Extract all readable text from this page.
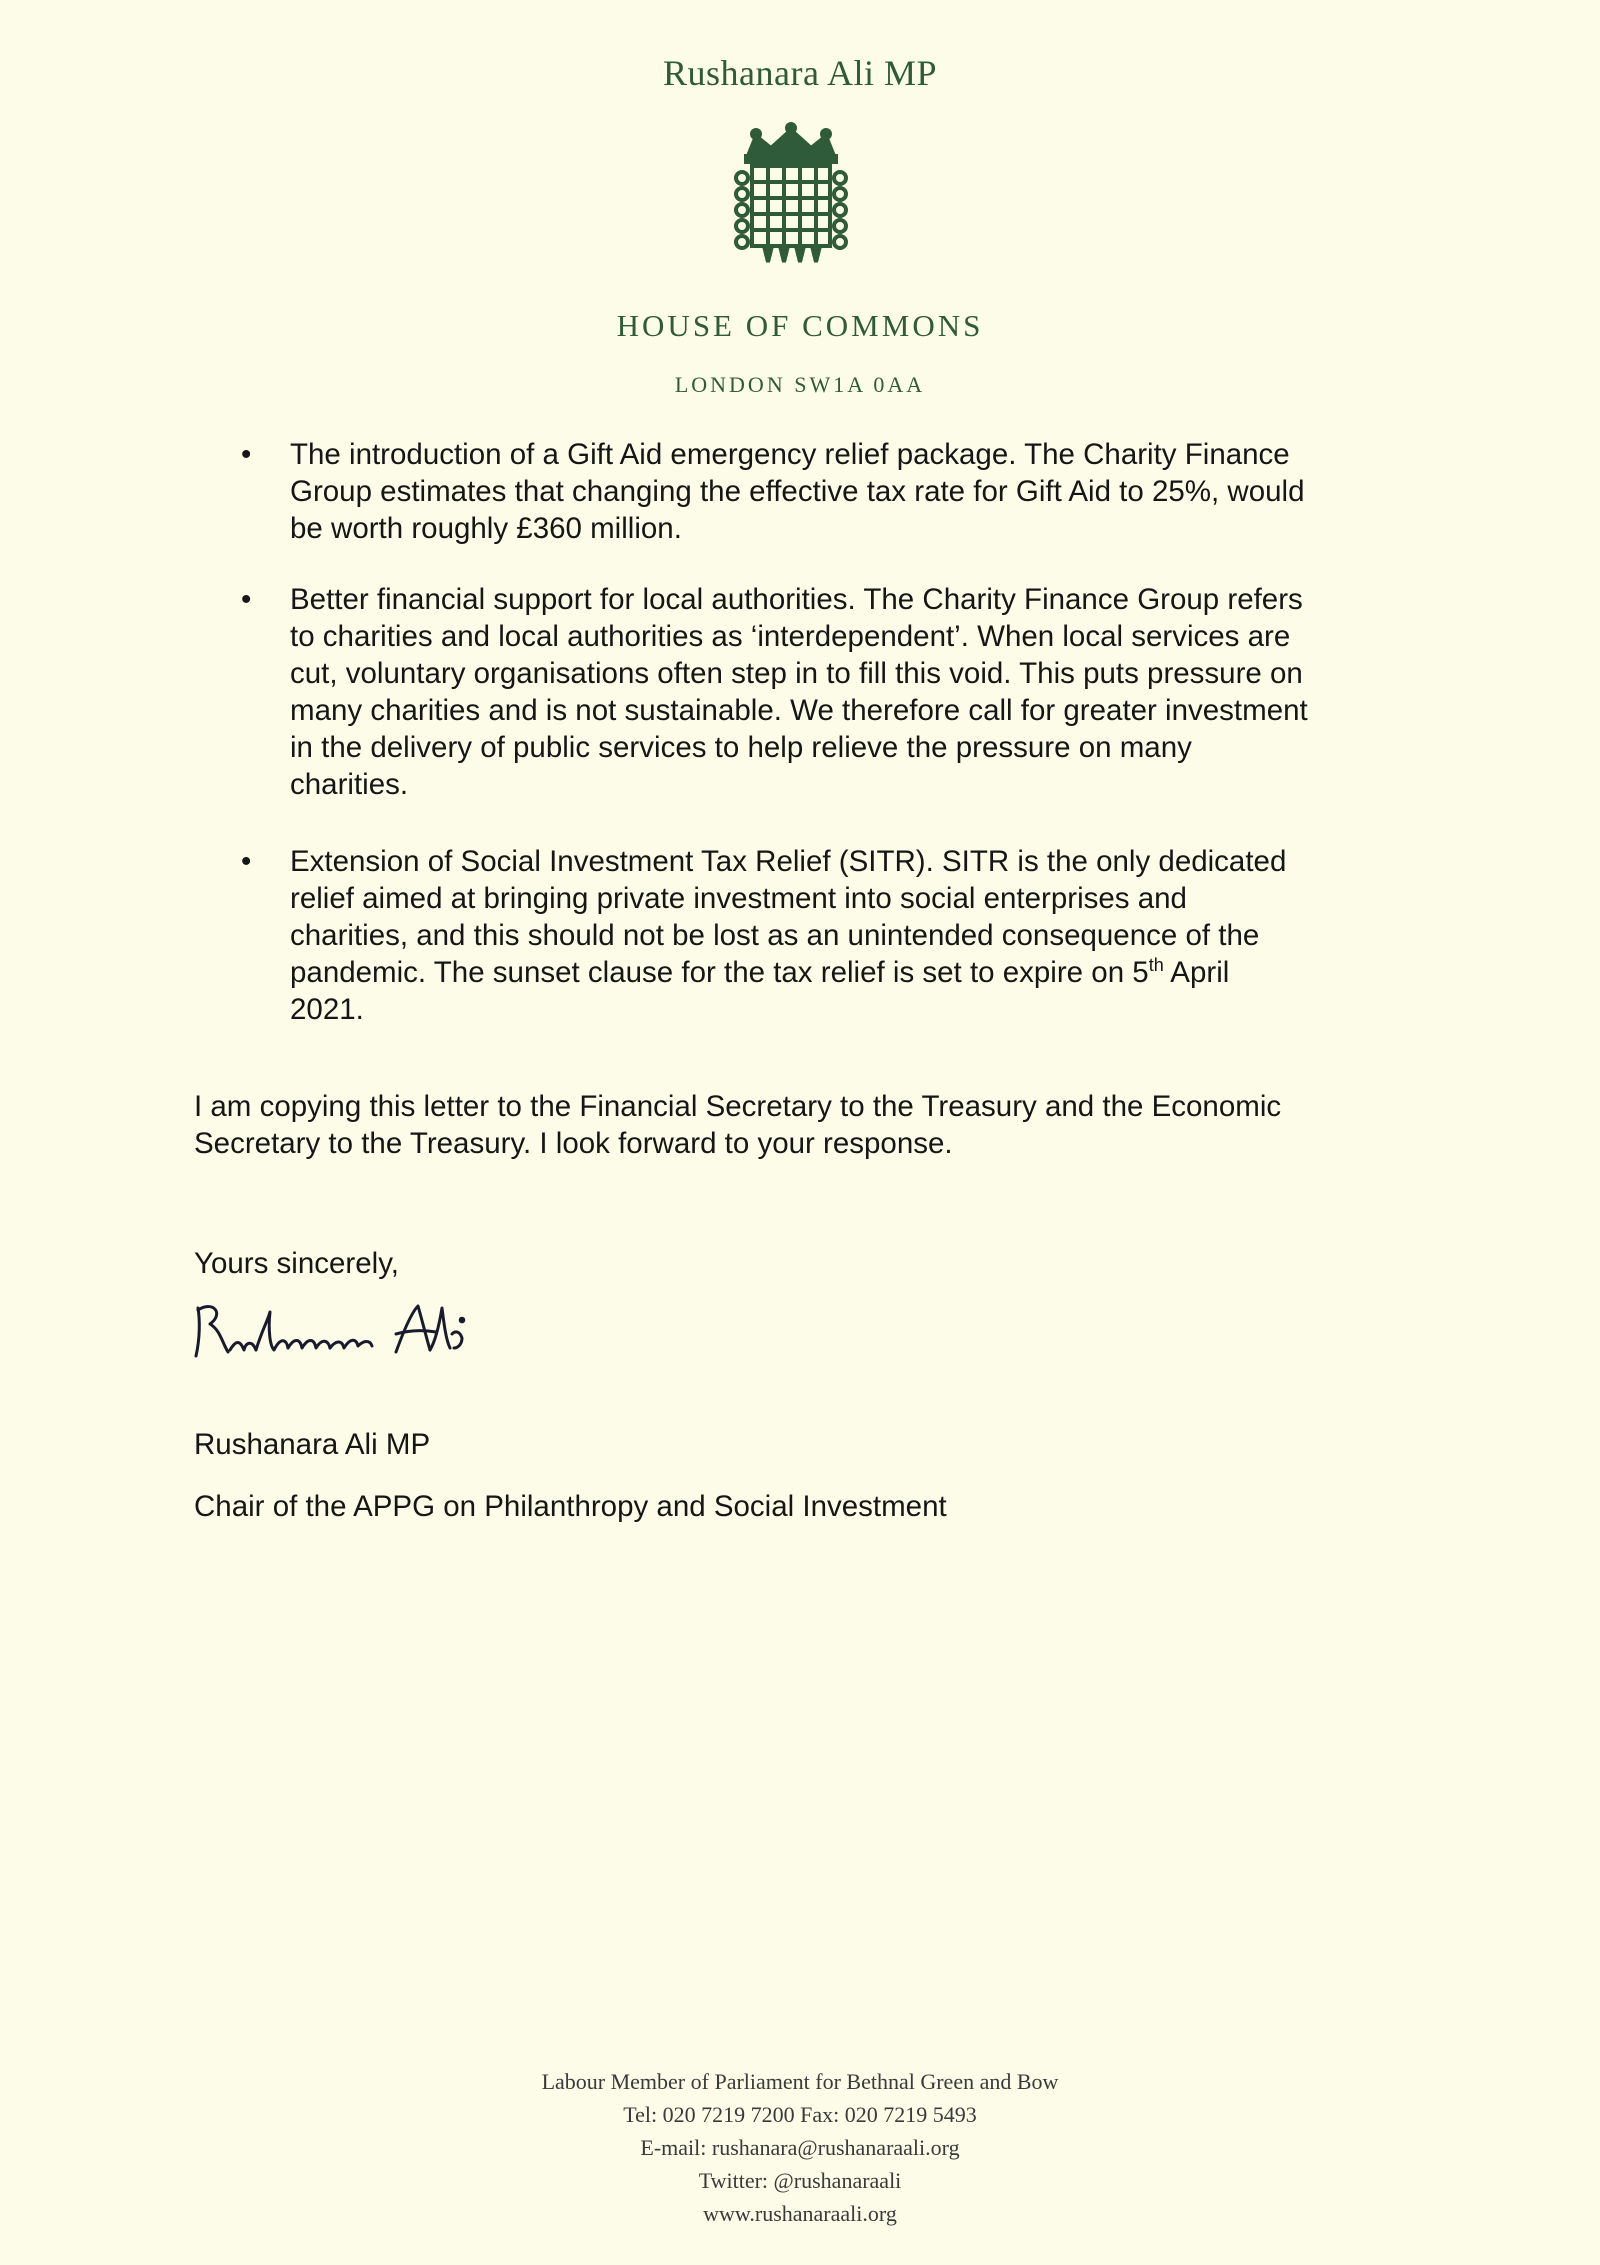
Rushanara Ali MP
HOUSE OF COMMONS
LONDON SW1A 0AA
• The introduction of a Gift Aid emergency relief package. The Charity Finance
Group estimates that changing the effective tax rate for Gift Aid to 25%, would
be worth roughly £360 million.
• Better financial support for local authorities. The Charity Finance Group refers
to charities and local authorities as ‘interdependent’. When local services are
cut, voluntary organisations often step in to fill this void. This puts pressure on
many charities and is not sustainable. We therefore call for greater investment
in the delivery of public services to help relieve the pressure on many
charities.
• Extension of Social Investment Tax Relief (SITR). SITR is the only dedicated
relief aimed at bringing private investment into social enterprises and
charities, and this should not be lost as an unintended consequence of the
pandemic. The sunset clause for the tax relief is set to expire on 5th April
2021.
I am copying this letter to the Financial Secretary to the Treasury and the Economic
Secretary to the Treasury. I look forward to your response.
Yours sincerely,
Rushanara Ali MP
Chair of the APPG on Philanthropy and Social Investment
Labour Member of Parliament for Bethnal Green and Bow
Tel: 020 7219 7200 Fax: 020 7219 5493
E-mail: rushanara@rushanaraali.org
Twitter: @rushanaraali
www.rushanaraali.org
